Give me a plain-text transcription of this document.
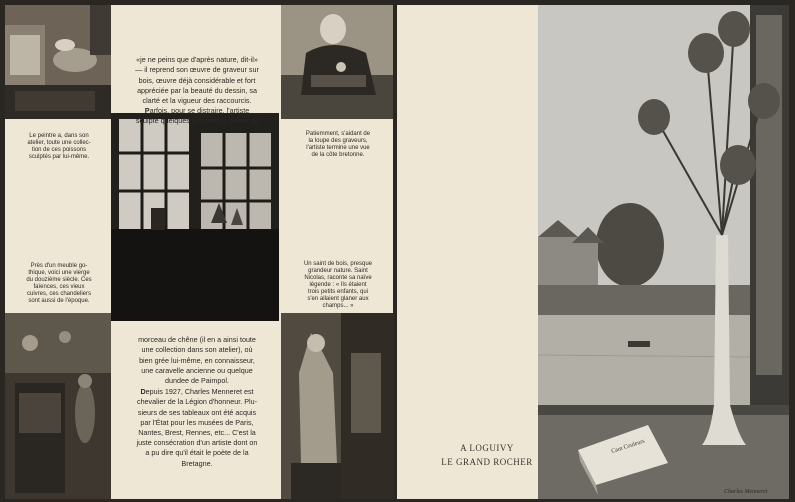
Le peintre a, dans son
atelier, toute une collec-
tion de ces poissons
sculptés par lui-même.

«je ne peins que d'après nature, dit-il»
— il reprend son œuvre de graveur sur
bois, œuvre déjà considérable et fort
appréciée par la beauté du dessin, sa
clarté et la vigueur des raccourcis.

Parfois, pour se distraire, l'artiste
sculpte quelques poissons à même un

Patiemment, s'aidant de
la loupe des graveurs,
l'artiste termine une vue
de la côte bretonne.
Près d'un meuble go-
thique, voici une vierge
du douzième siècle. Ces
faïences, ces vieux
cuivres, ces chandeliers
sont aussi de l'époque.
Un saint de bois, presque
grandeur nature. Saint
Nicolas, raconte sa naïve
légende : « Ils étaient
trois petits enfants, qui
s'en allaient glaner aux
champs... »

morceau de chêne (il en a ainsi toute
une collection dans son atelier), où
bien grée lui-même, en connaisseur,
une caravelle ancienne ou quelque
dundee de Paimpol.

Depuis 1927, Charles Menneret est
chevalier de la Légion d'honneur. Plu-
sieurs de ses tableaux ont été acquis
par l'État pour les musées de Paris,
Nantes, Brest, Rennes, etc... C'est la
juste consécration d'un artiste dont on
a pu dire qu'il était le poète de la
Bretagne.

A LOGUIVY
LE GRAND ROCHER
Cam Couleurs
Charles Menneret
